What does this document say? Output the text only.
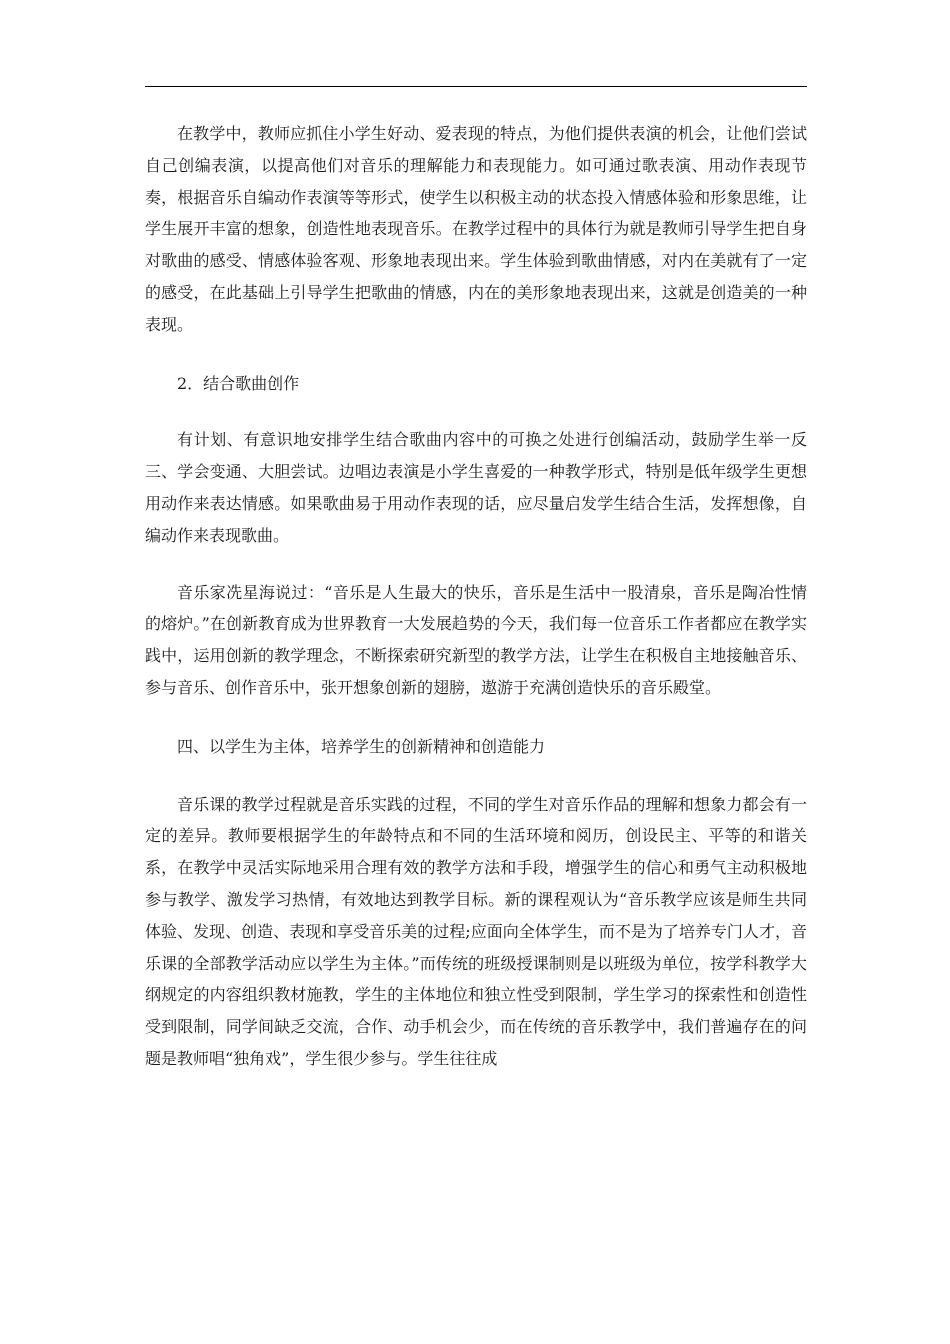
在教学中，教师应抓住小学生好动、爱表现的特点，为他们提供表演的机会，让他们尝试自己创编表演，以提高他们对音乐的理解能力和表现能力。如可通过歌表演、用动作表现节奏，根据音乐自编动作表演等等形式，使学生以积极主动的状态投入情感体验和形象思维，让学生展开丰富的想象，创造性地表现音乐。在教学过程中的具体行为就是教师引导学生把自身对歌曲的感受、情感体验客观、形象地表现出来。学生体验到歌曲情感，对内在美就有了一定的感受，在此基础上引导学生把歌曲的情感，内在的美形象地表现出来，这就是创造美的一种表现。

2．结合歌曲创作

有计划、有意识地安排学生结合歌曲内容中的可换之处进行创编活动，鼓励学生举一反三、学会变通、大胆尝试。边唱边表演是小学生喜爱的一种教学形式，特别是低年级学生更想用动作来表达情感。如果歌曲易于用动作表现的话，应尽量启发学生结合生活，发挥想像，自编动作来表现歌曲。

音乐家冼星海说过：“音乐是人生最大的快乐，音乐是生活中一股清泉，音乐是陶冶性情的熔炉。”在创新教育成为世界教育一大发展趋势的今天，我们每一位音乐工作者都应在教学实践中，运用创新的教学理念，不断探索研究新型的教学方法，让学生在积极自主地接触音乐、参与音乐、创作音乐中，张开想象创新的翅膀，遨游于充满创造快乐的音乐殿堂。

四、以学生为主体，培养学生的创新精神和创造能力

音乐课的教学过程就是音乐实践的过程，不同的学生对音乐作品的理解和想象力都会有一定的差异。教师要根据学生的年龄特点和不同的生活环境和阅历，创设民主、平等的和谐关系，在教学中灵活实际地采用合理有效的教学方法和手段，增强学生的信心和勇气主动积极地参与教学、激发学习热情，有效地达到教学目标。新的课程观认为“音乐教学应该是师生共同体验、发现、创造、表现和享受音乐美的过程;应面向全体学生，而不是为了培养专门人才，音乐课的全部教学活动应以学生为主体。”而传统的班级授课制则是以班级为单位，按学科教学大纲规定的内容组织教材施教，学生的主体地位和独立性受到限制，学生学习的探索性和创造性受到限制，同学间缺乏交流，合作、动手机会少，而在传统的音乐教学中，我们普遍存在的问题是教师唱“独角戏”，学生很少参与。学生往往成
